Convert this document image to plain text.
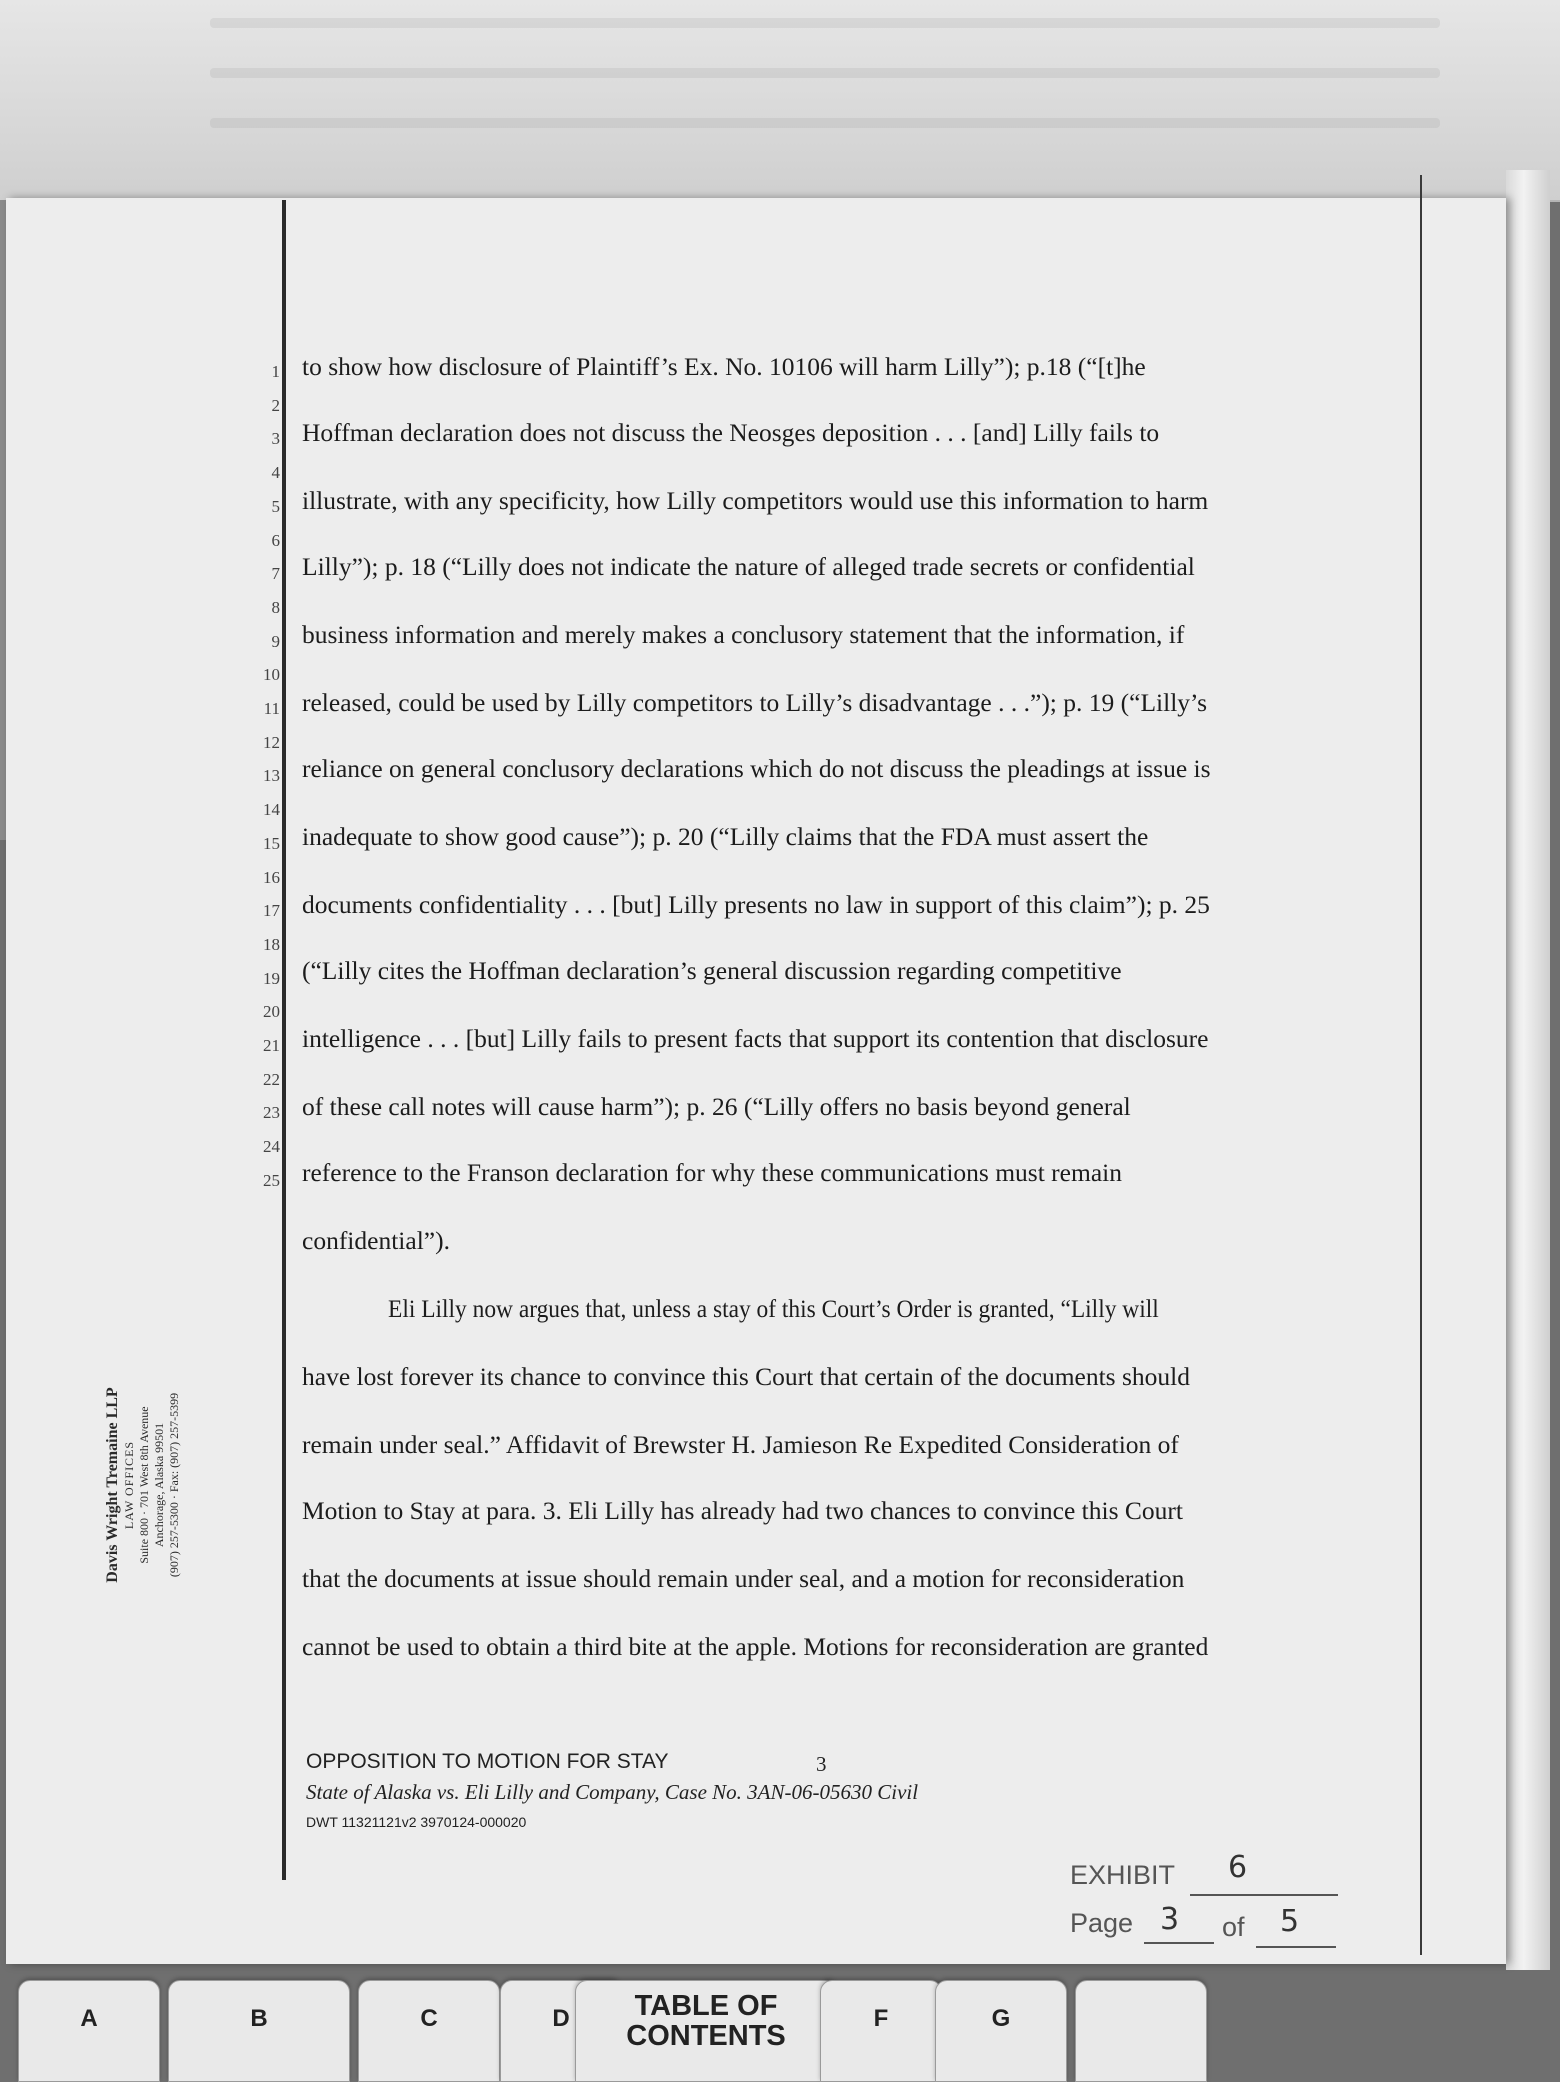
1
2
3
4
5
6
7
8
9
10
11
12
13
14
15
16
17
18
19
20
21
22
23
24
25
to show how disclosure of Plaintiff’s Ex. No. 10106 will harm Lilly”); p.18 (“[t]he
Hoffman declaration does not discuss the Neosges deposition . . . [and] Lilly fails to
illustrate, with any specificity, how Lilly competitors would use this information to harm
Lilly”); p. 18 (“Lilly does not indicate the nature of alleged trade secrets or confidential
business information and merely makes a conclusory statement that the information, if
released, could be used by Lilly competitors to Lilly’s disadvantage . . .”); p. 19 (“Lilly’s
reliance on general conclusory declarations which do not discuss the pleadings at issue is
inadequate to show good cause”); p. 20 (“Lilly claims that the FDA must assert the
documents confidentiality . . . [but] Lilly presents no law in support of this claim”); p. 25
(“Lilly cites the Hoffman declaration’s general discussion regarding competitive
intelligence . . . [but] Lilly fails to present facts that support its contention that disclosure
of these call notes will cause harm”); p. 26 (“Lilly offers no basis beyond general
reference to the Franson declaration for why these communications must remain
confidential”).
Eli Lilly now argues that, unless a stay of this Court’s Order is granted, “Lilly will
have lost forever its chance to convince this Court that certain of the documents should
remain under seal.” Affidavit of Brewster H. Jamieson Re Expedited Consideration of
Motion to Stay at para. 3. Eli Lilly has already had two chances to convince this Court
that the documents at issue should remain under seal, and a motion for reconsideration
cannot be used to obtain a third bite at the apple. Motions for reconsideration are granted
Davis Wright Tremaine LLP LAW OFFICES Suite 800 · 701 West 8th Avenue Anchorage, Alaska 99501 (907) 257-5300 · Fax: (907) 257-5399
OPPOSITION TO MOTION FOR STAY	3
State of Alaska vs. Eli Lilly and Company, Case No. 3AN-06-05630 Civil
DWT 11321121v2 3970124-000020
EXHIBIT 6
Page 3 of 5
A	B	C	D	TABLE OF CONTENTS
F	G
